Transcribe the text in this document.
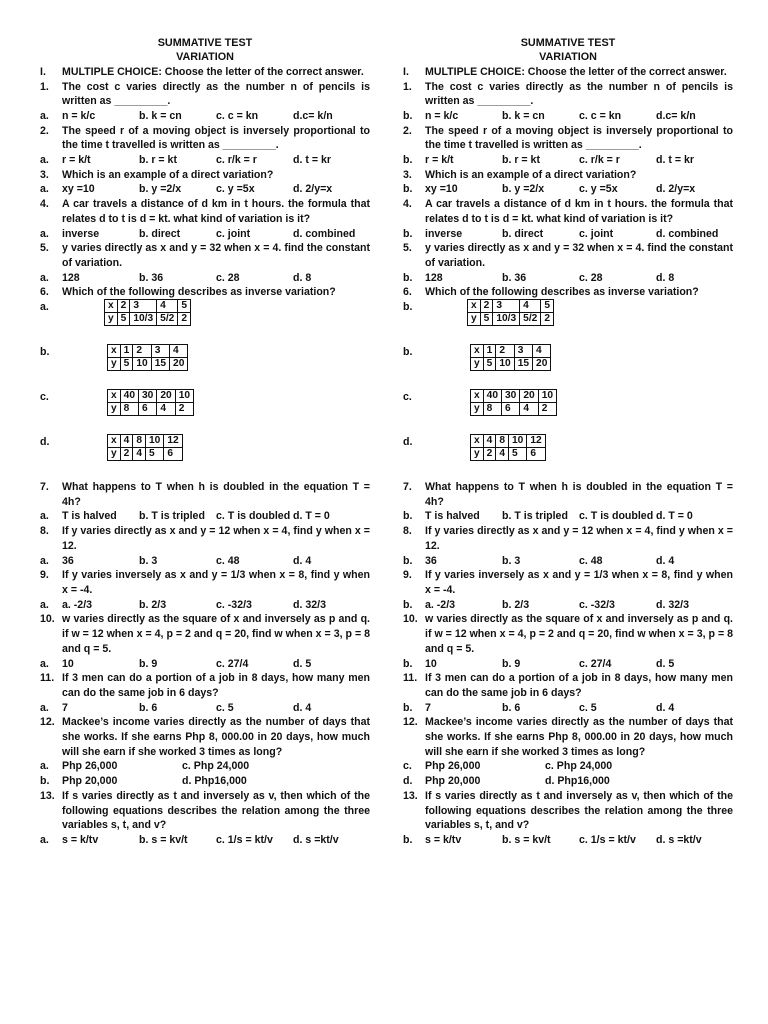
SUMMATIVE TEST
VARIATION
I.	MULTIPLE CHOICE: Choose the letter of the correct answer.
1.	The cost c varies directly as the number n of pencils is written as _________.
a.	n = k/c	b. k = cn	c. c = kn	d.c= k/n
2.	The speed r of a moving object is inversely proportional to the time t travelled is written as _________.
a.	r = k/t	b. r = kt	c. r/k = r	d. t = kr
3.	Which is an example of a direct variation?
a.	xy =10	b. y =2/x	c. y =5x	d. 2/y=x
4.	A car travels a distance of d km in t hours. the formula that relates d to t is d = kt. what kind of variation is it?
a.	inverse	b. direct	c. joint	d. combined
5.	y varies directly as x and y = 32 when x = 4. find the constant of variation.
a.	128	b. 36	c. 28	d. 8
6.	Which of the following describes as inverse variation?
a.	x	2	3	4	5
y	5	10/3	5/2	2
b.	x	1	2	3	4
y	5	10	15	20
c.	x	40	30	20	10
y	8	6	4	2
d.	x	4	8	10	12
y	2	4	5	6
7.	What happens to T when h is doubled in the equation T = 4h?
a.	T is halved	b. T is tripled	c. T is doubled d. T = 0
8.	If y varies directly as x and y = 12 when x = 4, find y when x = 12.
a.	36	b. 3	c. 48	d. 4
9.	If y varies inversely as x and y = 1/3 when x = 8, find y when x = -4.
a.	a. -2/3	b. 2/3	c. -32/3	d. 32/3
10. w varies directly as the square of x and inversely as p and q. if w = 12 when x = 4, p = 2 and q = 20, find w when x = 3, p = 8 and q = 5.
a.	10	b. 9	c. 27/4	d. 5
11. If 3 men can do a portion of a job in 8 days, how many men can do the same job in 6 days?
a.	7	b. 6	c. 5	d. 4
12. Mackee’s income varies directly as the number of days that she works. If she earns Php 8, 000.00 in 20 days, how much will she earn if she worked 3 times as long?
a.	Php 26,000	c. Php 24,000
b.	Php 20,000	d. Php16,000
13. If s varies directly as t and inversely as v, then which of the following equations describes the relation among the three variables s, t, and v?
a.	s = k/tv	b. s = kv/t	c. 1/s = kt/v	d. s =kt/v
SUMMATIVE TEST
VARIATION
I.	MULTIPLE CHOICE: Choose the letter of the correct answer.
1.	The cost c varies directly as the number n of pencils is written as _________.
b.	n = k/c	b. k = cn	c. c = kn	d.c= k/n
2.	The speed r of a moving object is inversely proportional to the time t travelled is written as _________.
b.	r = k/t	b. r = kt	c. r/k = r	d. t = kr
3.	Which is an example of a direct variation?
b.	xy =10	b. y =2/x	c. y =5x	d. 2/y=x
4.	A car travels a distance of d km in t hours. the formula that relates d to t is d = kt. what kind of variation is it?
b.	inverse	b. direct	c. joint	d. combined
5.	y varies directly as x and y = 32 when x = 4. find the constant of variation.
b.	128	b. 36	c. 28	d. 8
6.	Which of the following describes as inverse variation?
b.	x	2	3	4	5
y	5	10/3	5/2	2
b.	x	1	2	3	4
y	5	10	15	20
c.	x	40	30	20	10
y	8	6	4	2
d.	x	4	8	10	12
y	2	4	5	6
7.	What happens to T when h is doubled in the equation T = 4h?
b.	T is halved	b. T is tripled	c. T is doubled d. T = 0
8.	If y varies directly as x and y = 12 when x = 4, find y when x = 12.
b.	36	b. 3	c. 48	d. 4
9.	If y varies inversely as x and y = 1/3 when x = 8, find y when x = -4.
b.	a. -2/3	b. 2/3	c. -32/3	d. 32/3
10. w varies directly as the square of x and inversely as p and q. if w = 12 when x = 4, p = 2 and q = 20, find w when x = 3, p = 8 and q = 5.
b.	10	b. 9	c. 27/4	d. 5
11. If 3 men can do a portion of a job in 8 days, how many men can do the same job in 6 days?
b.	7	b. 6	c. 5	d. 4
12. Mackee’s income varies directly as the number of days that she works. If she earns Php 8, 000.00 in 20 days, how much will she earn if she worked 3 times as long?
c.	Php 26,000	c. Php 24,000
d.	Php 20,000	d. Php16,000
13. If s varies directly as t and inversely as v, then which of the following equations describes the relation among the three variables s, t, and v?
b.	s = k/tv	b. s = kv/t	c. 1/s = kt/v	d. s =kt/v
